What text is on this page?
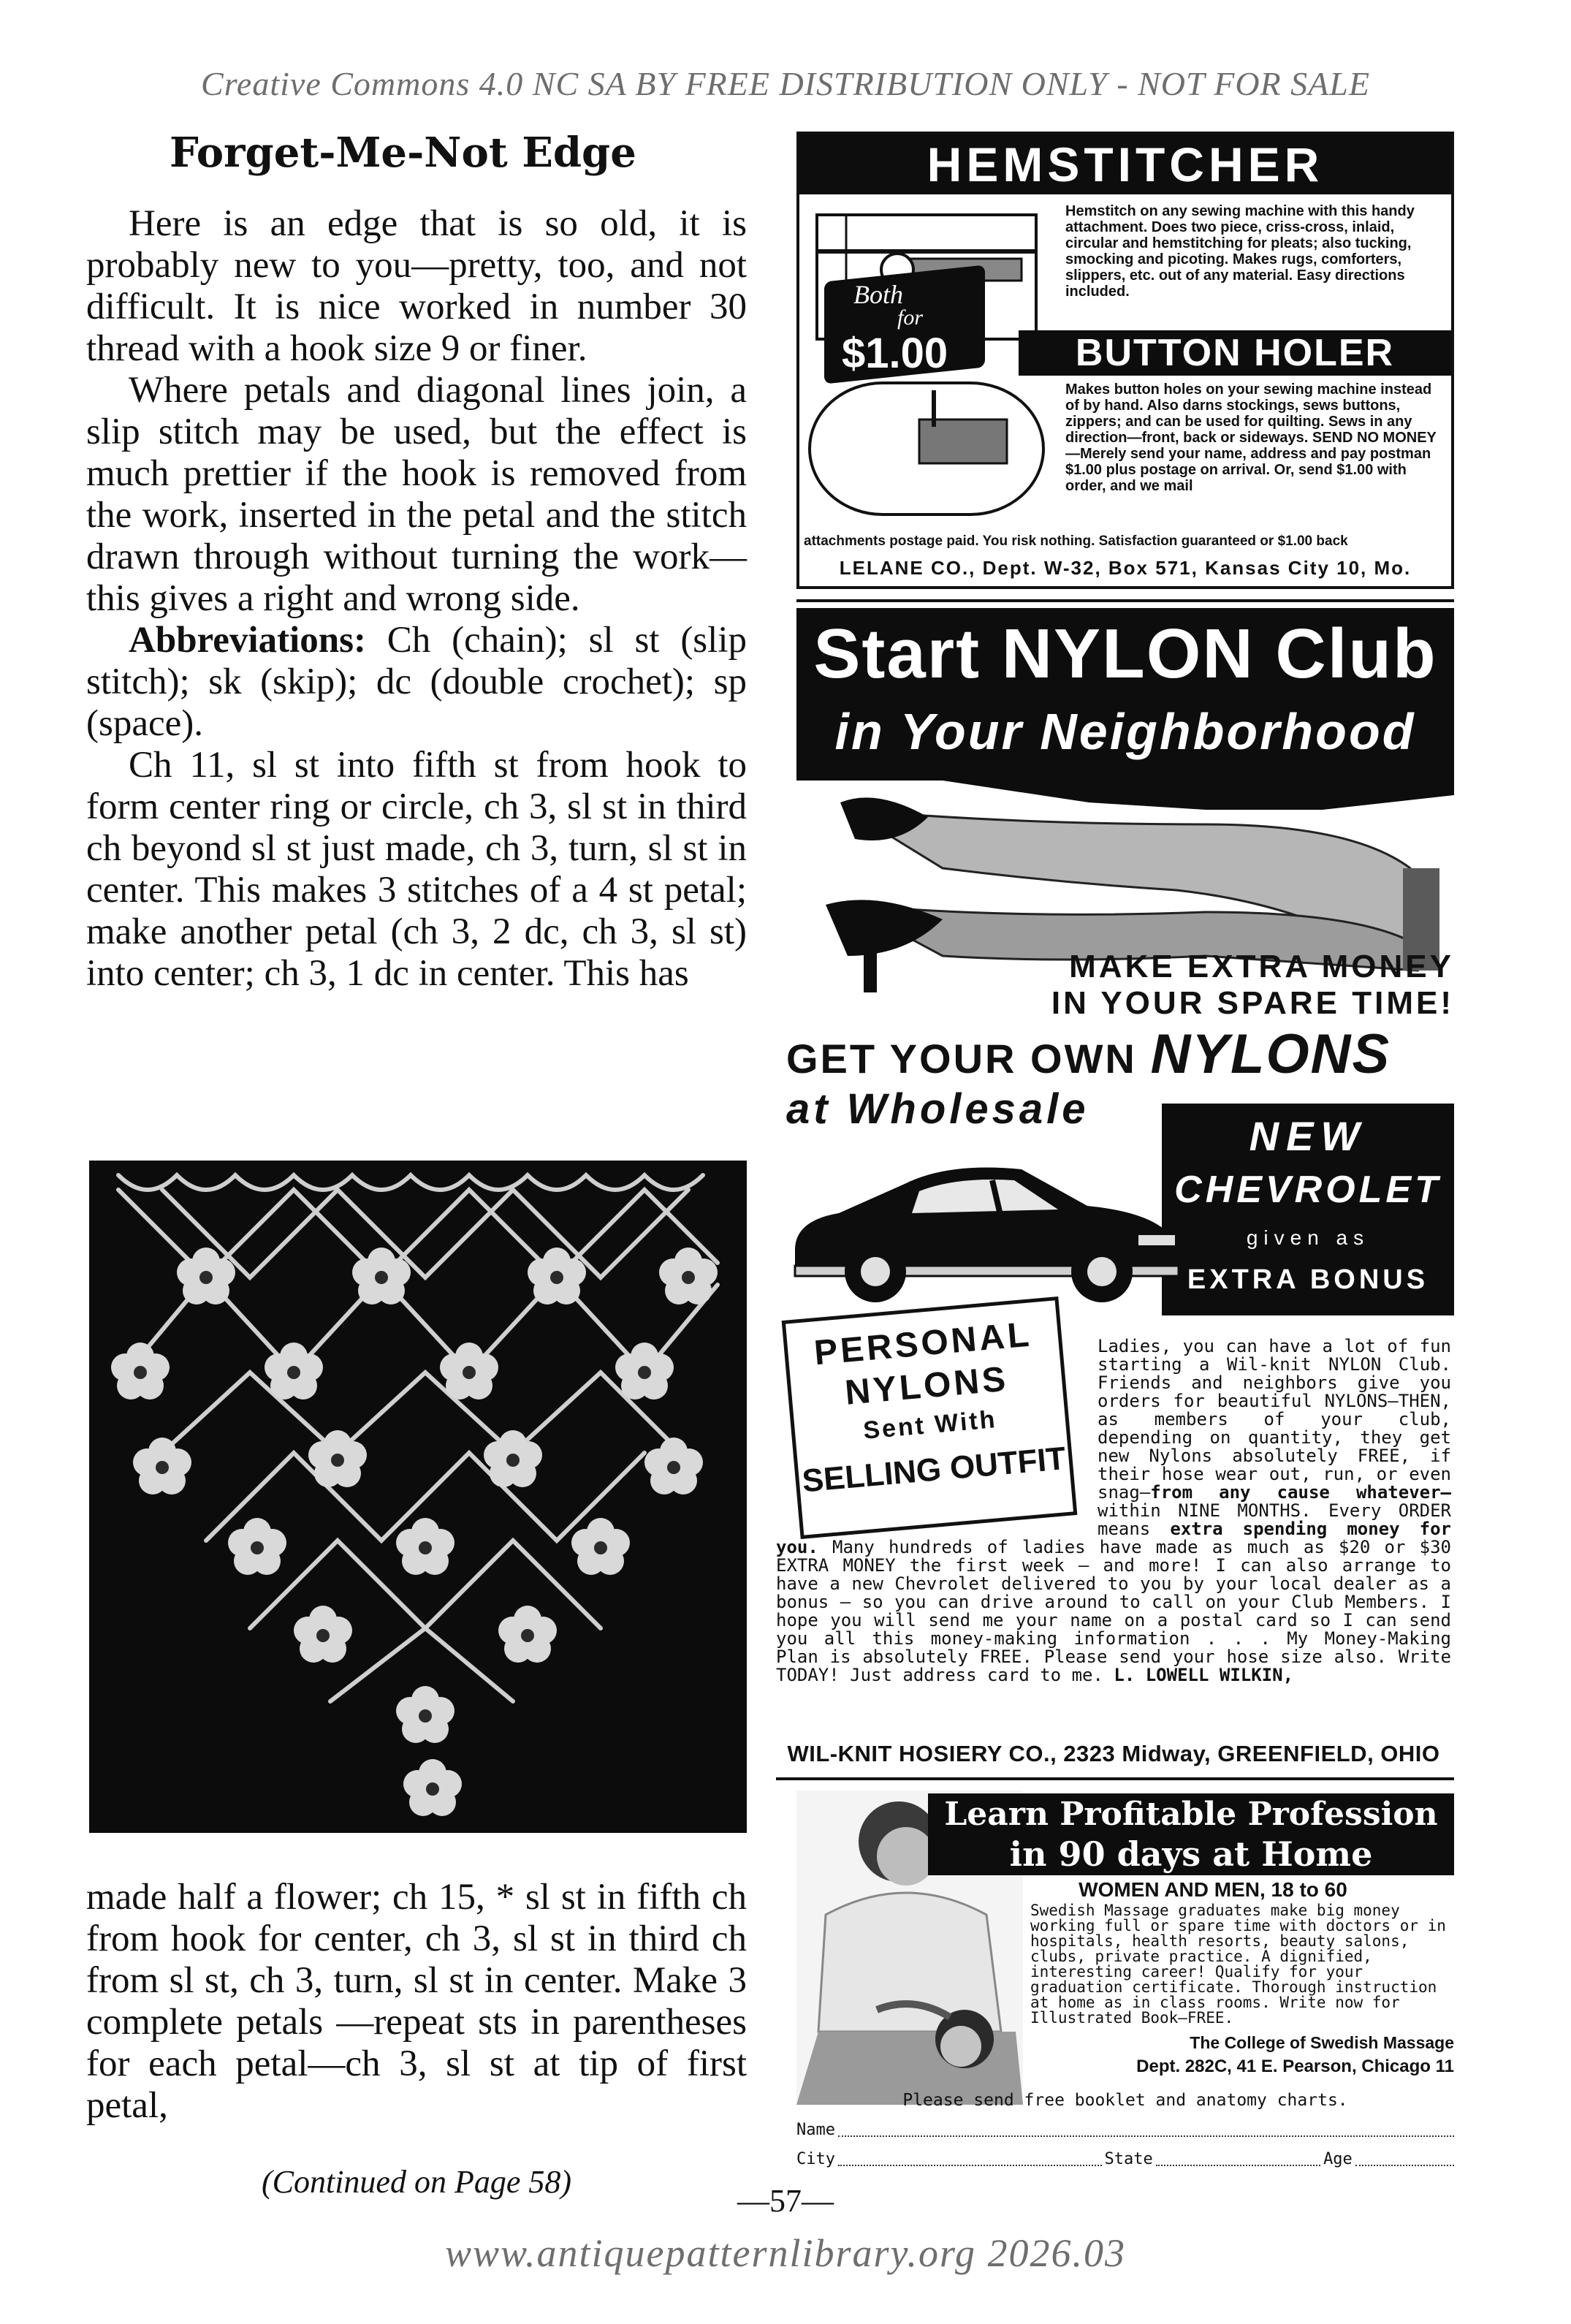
Creative Commons 4.0 NC SA BY FREE DISTRIBUTION ONLY - NOT FOR SALE
Forget-Me-Not Edge

Here is an edge that is so old, it is probably new to you—pretty, too, and not difficult. It is nice worked in number 30 thread with a hook size 9 or finer.

Where petals and diagonal lines join, a slip stitch may be used, but the effect is much prettier if the hook is removed from the work, inserted in the petal and the stitch drawn through without turning the work—this gives a right and wrong side.

Abbreviations: Ch (chain); sl st (slip stitch); sk (skip); dc (double crochet); sp (space).

Ch 11, sl st into fifth st from hook to form center ring or circle, ch 3, sl st in third ch beyond sl st just made, ch 3, turn, sl st in center. This makes 3 stitches of a 4 st petal; make another petal (ch 3, 2 dc, ch 3, sl st) into center; ch 3, 1 dc in center. This has

made half a flower; ch 15, * sl st in fifth ch from hook for center, ch 3, sl st in third ch from sl st, ch 3, turn, sl st in center. Make 3 complete petals —repeat sts in parentheses for each petal—ch 3, sl st at tip of first petal,

(Continued on Page 58)
HEMSTITCHER
Both
for
$1.00
Hemstitch on any sewing machine with this handy attachment. Does two piece, criss-cross, inlaid, circular and hemstitching for pleats; also tucking, smocking and picoting. Makes rugs, comforters, slippers, etc. out of any material. Easy directions included.
BUTTON HOLER
Makes button holes on your sewing machine instead of by hand. Also darns stockings, sews buttons, zippers; and can be used for quilting. Sews in any direction—front, back or sideways. SEND NO MONEY—Merely send your name, address and pay postman $1.00 plus postage on arrival. Or, send $1.00 with order, and we mail
attachments postage paid. You risk nothing. Satisfaction guaranteed or $1.00 back
LELANE CO., Dept. W-32, Box 571, Kansas City 10, Mo.
Start NYLON Club
in Your Neighborhood
MAKE EXTRA MONEY
IN YOUR SPARE TIME!
GET YOUR OWN NYLONS
at Wholesale
NEW
CHEVROLET
given as
EXTRA BONUS
PERSONAL
NYLONS
Sent With
SELLING OUTFIT
Ladies, you can have a lot of fun starting a Wil-knit NYLON Club. Friends and neighbors give you orders for beautiful NYLONS—THEN, as members of your club, depending on quantity, they get new Nylons absolutely FREE, if their hose wear out, run, or even snag—from any cause whatever— within NINE MONTHS. Every ORDER means extra spending money for you. Many hundreds of ladies have made as much as $20 or $30 EXTRA MONEY the first week — and more! I can also arrange to have a new Chevrolet delivered to you by your local dealer as a bonus — so you can drive around to call on your Club Members. I hope you will send me your name on a postal card so I can send you all this money-making information . . . My Money-Making Plan is absolutely FREE. Please send your hose size also. Write TODAY! Just address card to me. L. LOWELL WILKIN,
WIL-KNIT HOSIERY CO., 2323 Midway, GREENFIELD, OHIO
Learn Profitable Profession
in 90 days at Home
WOMEN AND MEN, 18 to 60
Swedish Massage graduates make big money working full or spare time with doctors or in hospitals, health resorts, beauty salons, clubs, private practice. A dignified, interesting career! Qualify for your graduation certificate. Thorough instruction at home as in class rooms. Write now for Illustrated Book—FREE.
The College of Swedish Massage
Dept. 282C, 41 E. Pearson, Chicago 11
Please send free booklet and anatomy charts.
Name
City	State	Age
—57—
www.antiquepatternlibrary.org 2026.03
